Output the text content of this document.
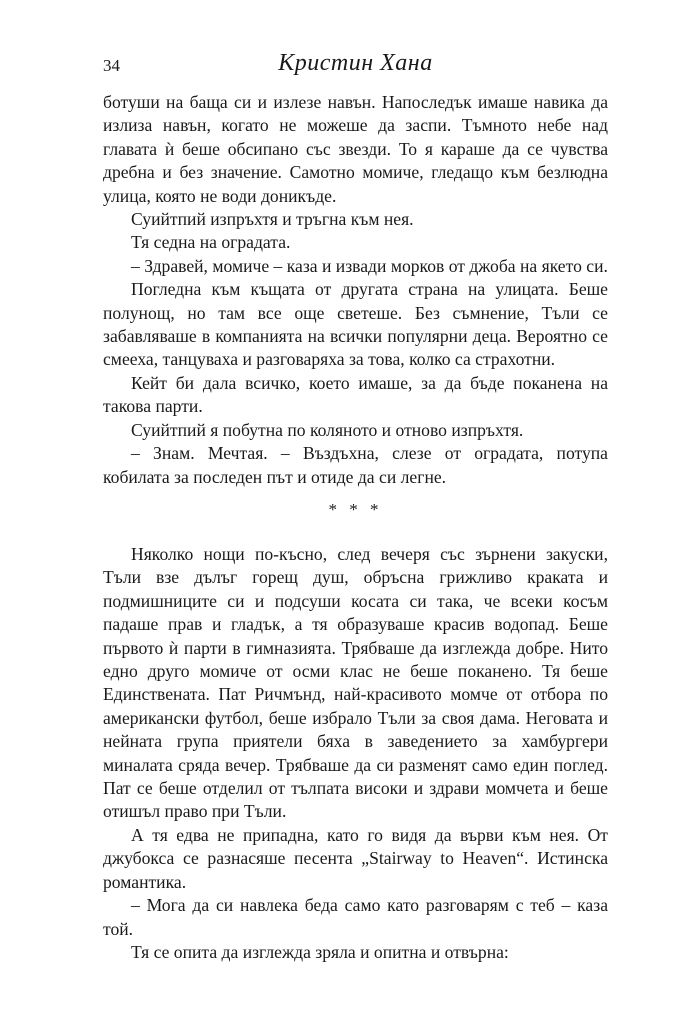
34	Кристин Хана

ботуши на баща си и излезе навън. Напоследък имаше навика да излиза навън, когато не можеше да заспи. Тъмното небе над главата ѝ беше обсипано със звезди. То я караше да се чувства дребна и без значение. Самотно момиче, гледащо към безлюдна улица, която не води доникъде.

Суийтпий изпръхтя и тръгна към нея.

Тя седна на оградата.

– Здравей, момиче – каза и извади морков от джоба на якето си.

Погледна към къщата от другата страна на улицата. Беше полунощ, но там все още светеше. Без съмнение, Тъли се забавляваше в компанията на всички популярни деца. Вероятно се смееха, танцуваха и разговаряха за това, колко са страхотни.

Кейт би дала всичко, което имаше, за да бъде поканена на такова парти.

Суийтпий я побутна по коляното и отново изпръхтя.

– Знам. Мечтая. – Въздъхна, слезе от оградата, потупа кобилата за последен път и отиде да си легне.

* * *

Няколко нощи по-късно, след вечеря със зърнени закуски, Тъли взе дълъг горещ душ, обръсна грижливо краката и подмишниците си и подсуши косата си така, че всеки косъм падаше прав и гладък, а тя образуваше красив водопад. Беше първото ѝ парти в гимназията. Трябваше да изглежда добре. Нито едно друго момиче от осми клас не беше поканено. Тя беше Единствената. Пат Ричмънд, най-красивото момче от отбора по американски футбол, беше избрало Тъли за своя дама. Неговата и нейната група приятели бяха в заведението за хамбургери миналата сряда вечер. Трябваше да си разменят само един поглед. Пат се беше отделил от тълпата високи и здрави момчета и беше отишъл право при Тъли.

А тя едва не припадна, като го видя да върви към нея. От джубокса се разнасяше песента „Stairway to Heaven“. Истинска романтика.

– Мога да си навлека беда само като разговарям с теб – каза той.

Тя се опита да изглежда зряла и опитна и отвърна:
